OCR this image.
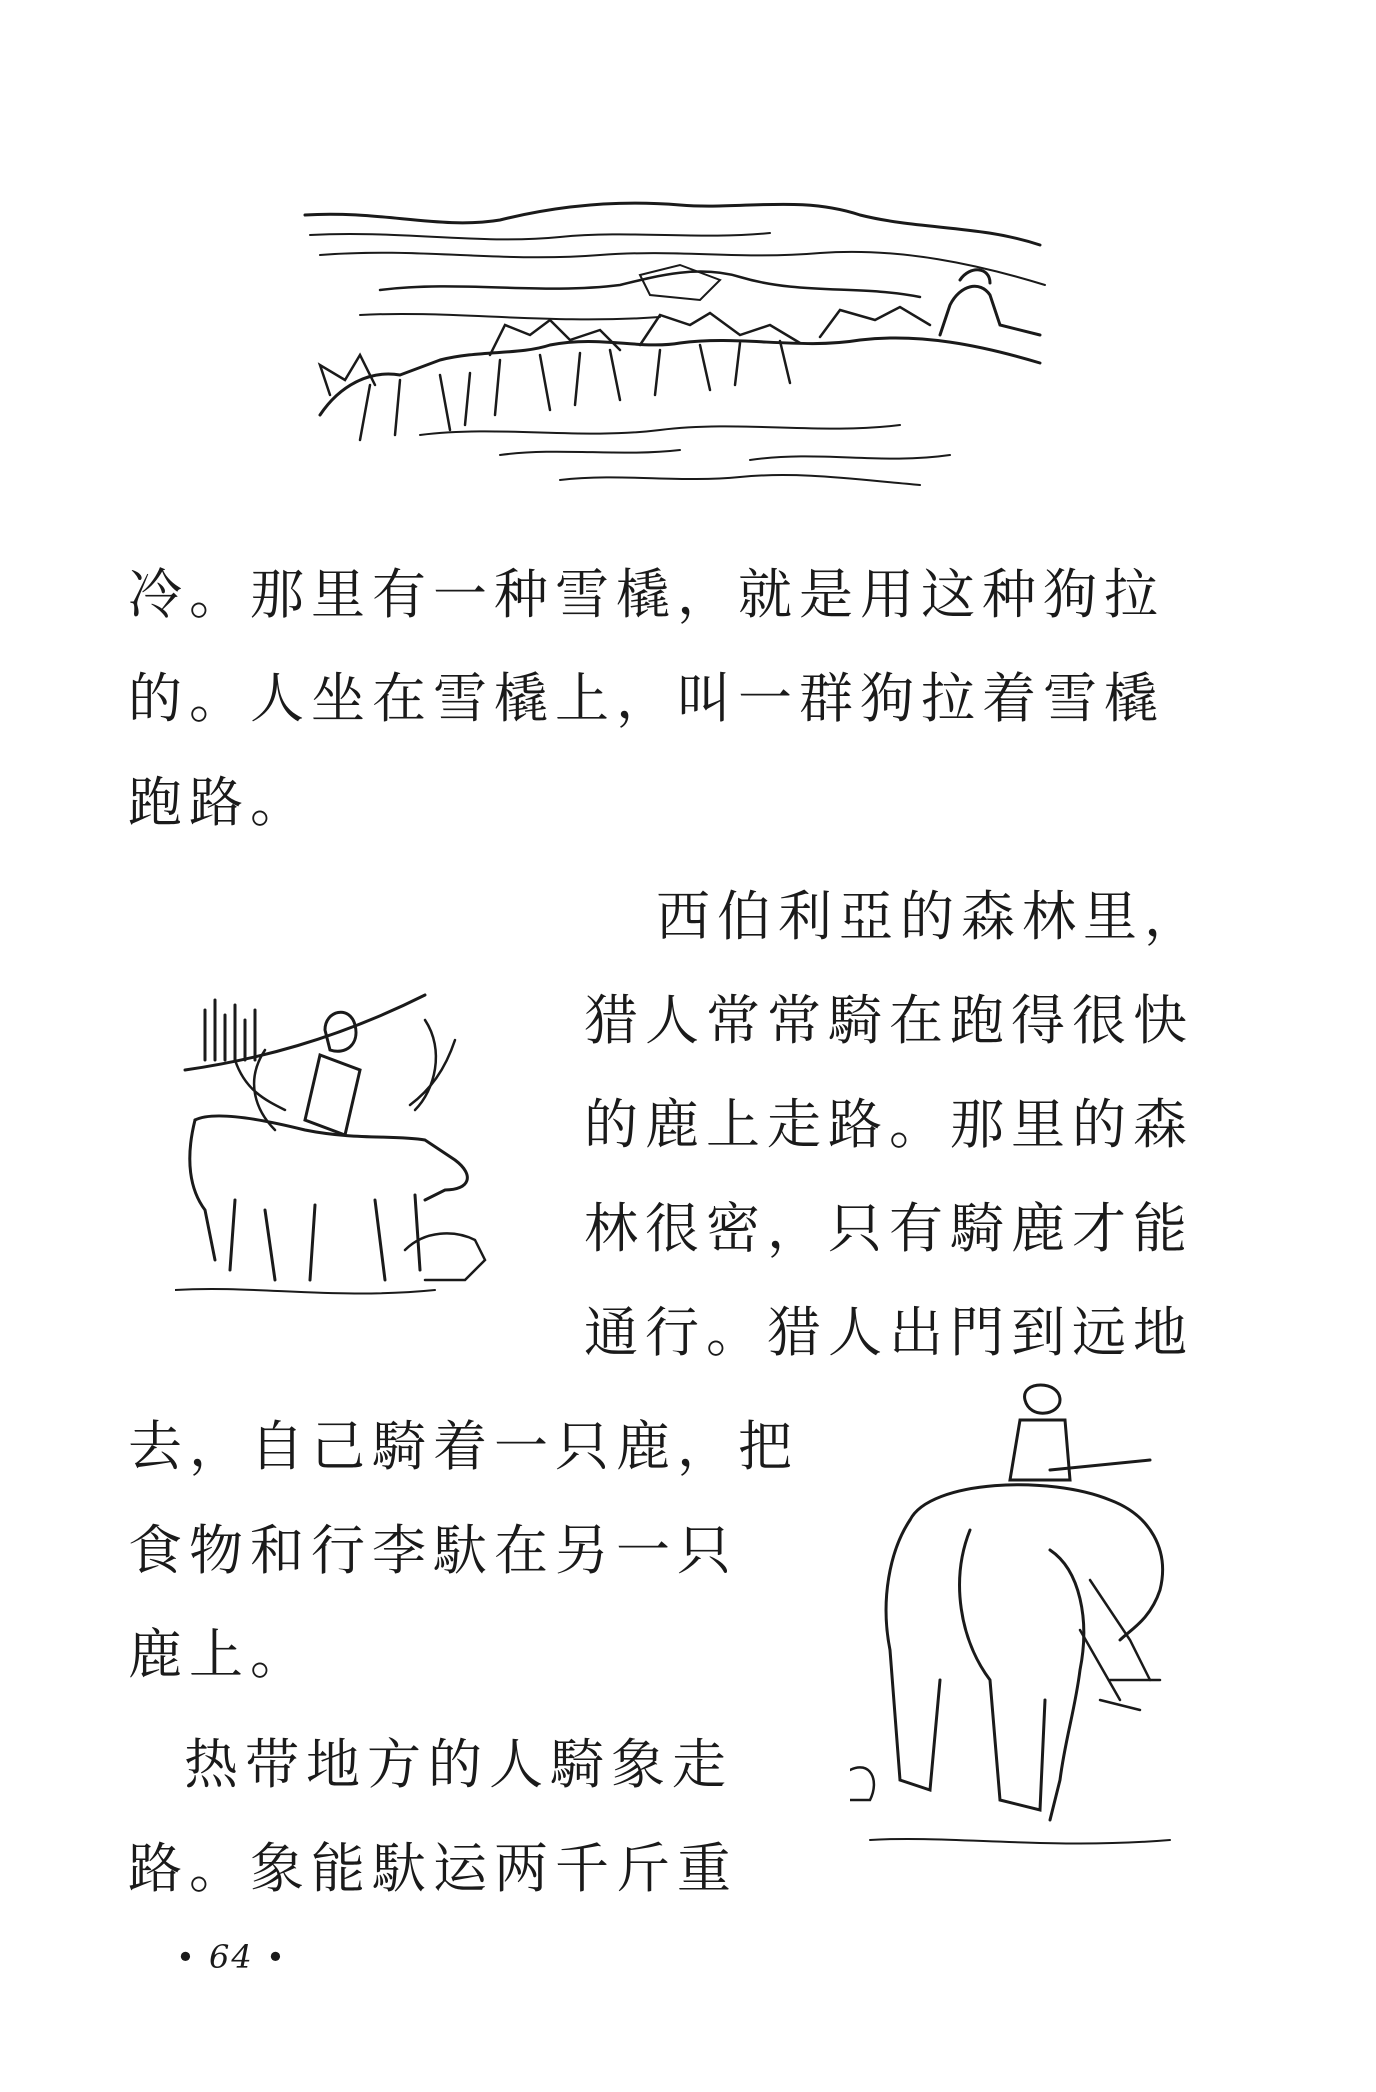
冷。那里有一种雪橇，就是用这种狗拉
的。人坐在雪橇上，叫一群狗拉着雪橇
跑路。
西伯利亞的森林里，
猎人常常騎在跑得很快
的鹿上走路。那里的森
林很密，只有騎鹿才能
通行。猎人出門到远地
去，自己騎着一只鹿，把
食物和行李馱在另一只
鹿上。
热带地方的人騎象走
路。象能馱运两千斤重
• 64 •
